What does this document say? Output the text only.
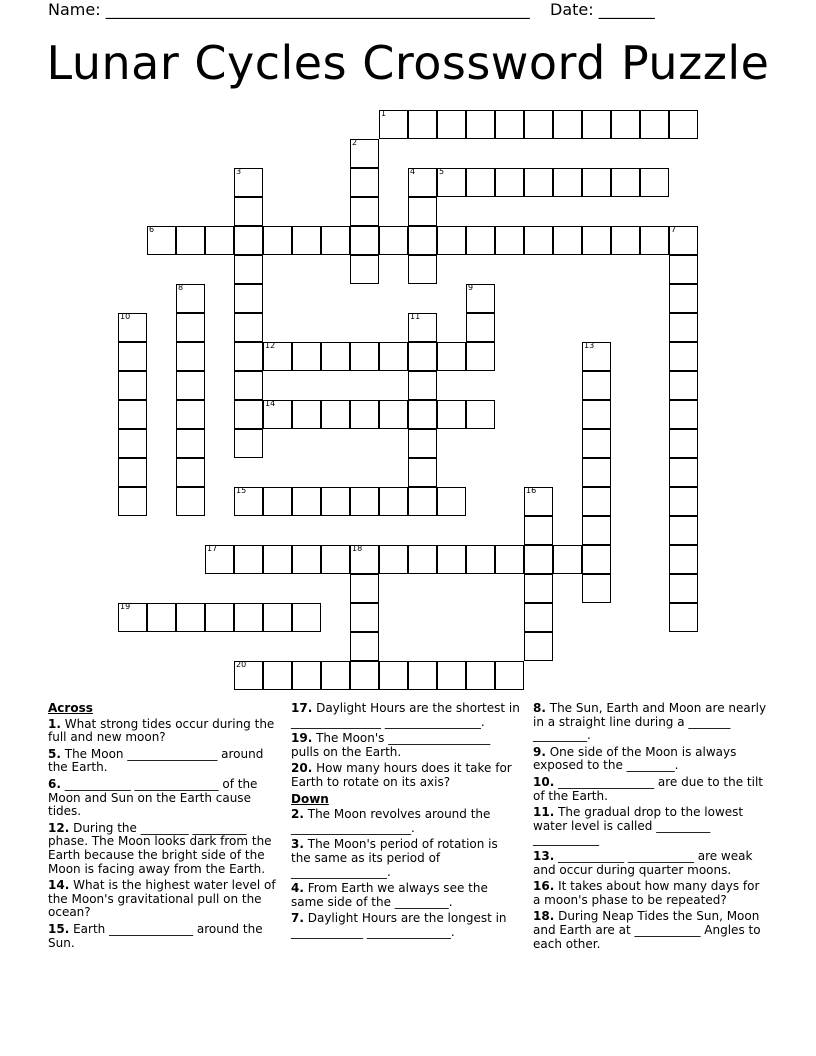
Name: _____________________________________________________ Date: _______
Lunar Cycles Crossword Puzzle
1
2
3	4	5
6	7
8	9
10	11
12	13
14
15	16
17	18
19
20

Across

1. What strong tides occur during the full and new moon?

5. The Moon _______________ around the Earth.

6. ___________ ______________ of the Moon and Sun on the Earth cause tides.

12. During the ________ _________ phase. The Moon looks dark from the Earth because the bright side of the Moon is facing away from the Earth.

14. What is the highest water level of the Moon's gravitational pull on the ocean?

15. Earth ______________ around the Sun.

17. Daylight Hours are the shortest in _______________ ________________.

19. The Moon's _________________ pulls on the Earth.

20. How many hours does it take for Earth to rotate on its axis?

Down

2. The Moon revolves around the ____________________.

3. The Moon's period of rotation is the same as its period of ________________.

4. From Earth we always see the same side of the _________.

7. Daylight Hours are the longest in ____________ ______________.

8. The Sun, Earth and Moon are nearly in a straight line during a _______ _________.

9. One side of the Moon is always exposed to the ________.

10. ________________ are due to the tilt of the Earth.

11. The gradual drop to the lowest water level is called _________ ___________

13. ___________ ___________ are weak and occur during quarter moons.

16. It takes about how many days for a moon's phase to be repeated?

18. During Neap Tides the Sun, Moon and Earth are at ___________ Angles to each other.
